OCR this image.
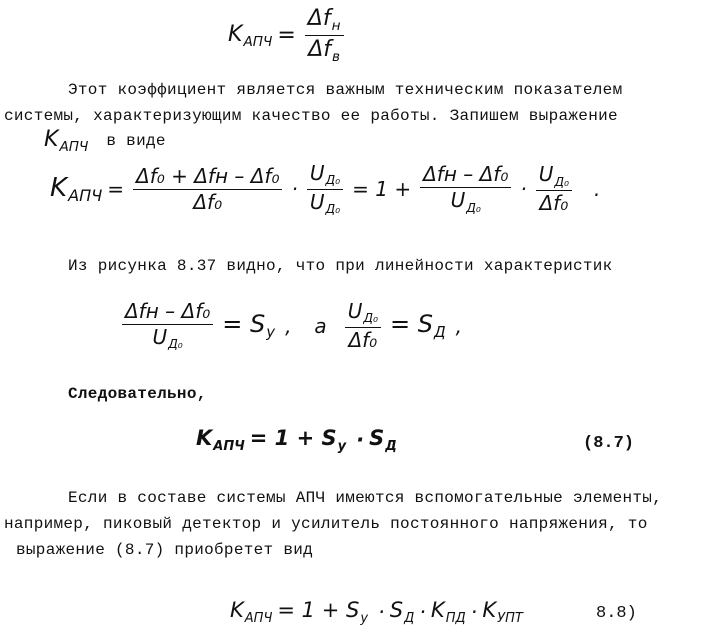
$K_{АПЧ} = \frac{\Delta f_н}{\Delta f_в}$
Этот коэффициент является важным техническим показателем
системы, характеризующим качество ее работы. Запишем выражение
$K_{АПЧ}$ в виде
$K_{АПЧ} = \frac{\text{Δf₀ + Δfн – Δf₀}}{\text{Δf₀}} \cdot \frac{U_{Д_0}}{U_{Д_0}} = 1 + \frac{\text{Δfн – Δf₀}}{U_{Д_0}} \cdot \frac{U_{Д_0}}{\text{Δf₀}}$ .
Из рисунка 8.37 видно, что при линейности характеристик
$\frac{\text{Δfн – Δf₀}}{U_{Д_0}} = S_у$ , а $\frac{U_{Д_0}}{\text{Δf₀}} = S_Д$ ,
Следовательно,
$K_{АПЧ} = 1 + S_у \cdot S_Д$	(8.7)
Если в составе системы АПЧ имеются вспомогательные элементы,
например, пиковый детектор и усилитель постоянного напряжения, то
выражение (8.7) приобретет вид
$K_{АПЧ} = 1 + S_у \cdot S_Д \cdot K_{ПД} \cdot K_{УПТ}$	8.8)
